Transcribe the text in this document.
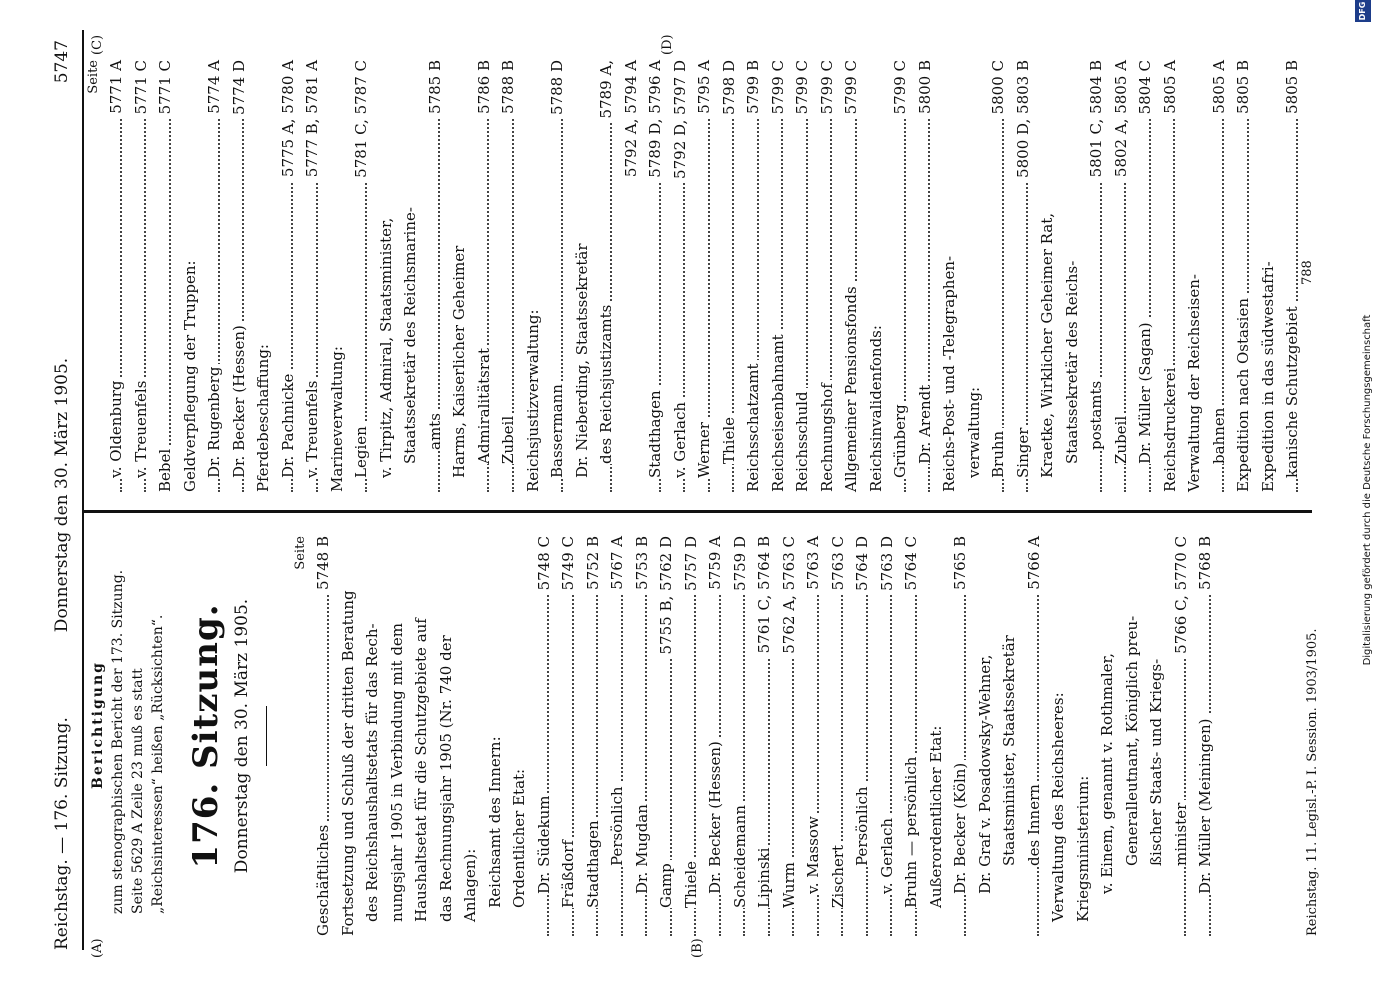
Reichstag. — 176. Sitzung.
Donnerstag den 30. März 1905.
5747
(A)	(B)
(C)	(D)
Berichtigung zum stenographischen Bericht der 173. Sitzung. Seite 5629 A Zeile 23 muß es statt „Reichsinteressen“ heißen „Rücksichten“. 176. Sitzung. Donnerstag den 30. März 1905.
Seite
Geschäftliches
5748 B
Fortsetzung und Schluß der dritten Beratung des Reichshaushaltsetats für das Rech- nungsjahr 1905 in Verbindung mit dem Haushaltsetat für die Schutzgebiete auf das Rechnungsjahr 1905 (Nr. 740 der Anlagen): Reichsamt des Innern: Ordentlicher Etat: Dr. Südekum
5748 C
Fräßdorf
5749 C
Stadthagen
5752 B
Persönlich
5767 A
Dr. Mugdan
5753 B
Gamp
5755 B, 5762 D
Thiele
5757 D
Dr. Becker (Hessen)
5759 A
Scheidemann
5759 D
Lipinski
5761 C, 5764 B
Wurm
5762 A, 5763 C
v. Massow
5763 A
Zischert
5763 C
Persönlich
5764 D
v. Gerlach
5763 D
Bruhn — persönlich
5764 C
Außerordentlicher Etat: Dr. Becker (Köln)
5765 B
Dr. Graf v. Posadowsky-Wehner, Staatsminister, Staatssekretär des Innern
5766 A
Verwaltung des Reichsheeres: Kriegsministerium: v. Einem, genannt v. Rothmaler, Generalleutnant, Königlich preu- ßischer Staats- und Kriegs- minister
5766 C, 5770 C
Dr. Müller (Meiningen)
5768 B
Seite
v. Oldenburg
5771 A
v. Treuenfels
5771 C
Bebel
5771 C
Geldverpflegung der Truppen: Dr. Rugenberg
5774 A
Dr. Becker (Hessen)
5774 D
Pferdebeschaffung: Dr. Pachnicke
5775 A, 5780 A
v. Treuenfels
5777 B, 5781 A
Marineverwaltung: Legien
5781 C, 5787 C
v. Tirpitz, Admiral, Staatsminister, Staatssekretär des Reichsmarine- amts
5785 B
Harms, Kaiserlicher Geheimer Admiralitätsrat
5786 B
Zubeil
5788 B
Reichsjustizverwaltung: Bassermann
5788 D
Dr. Nieberding, Staatssekretär des Reichsjustizamts
5789 A, 5792 A, 5794 A
Stadthagen
5789 D, 5796 A
v. Gerlach
5792 D, 5797 D
Werner
5795 A
Thiele
5798 D
Reichsschatzamt
5799 B
Reichseisenbahnamt
5799 C
Reichsschuld
5799 C
Rechnungshof
5799 C
Allgemeiner Pensionsfonds
5799 C
Reichsinvalidenfonds: Grünberg
5799 C
Dr. Arendt
5800 B
Reichs-Post- und -Telegraphen- verwaltung: Bruhn
5800 C
Singer
5800 D, 5803 B
Kraetke, Wirklicher Geheimer Rat, Staatssekretär des Reichs- postamts
5801 C, 5804 B
Zubeil
5802 A, 5805 A
Dr. Müller (Sagan)
5804 C
Reichsdruckerei
5805 A
Verwaltung der Reichseisen- bahnen
5805 A
Expedition nach Ostasien
5805 B
Expedition in das südwestafri- kanische Schutzgebiet
5805 B
Reichstag. 11. Legisl.-P. I. Session. 1903/1905.
788
Digitalisierung gefördert durch die Deutsche Forschungsgemeinschaft
DFG
